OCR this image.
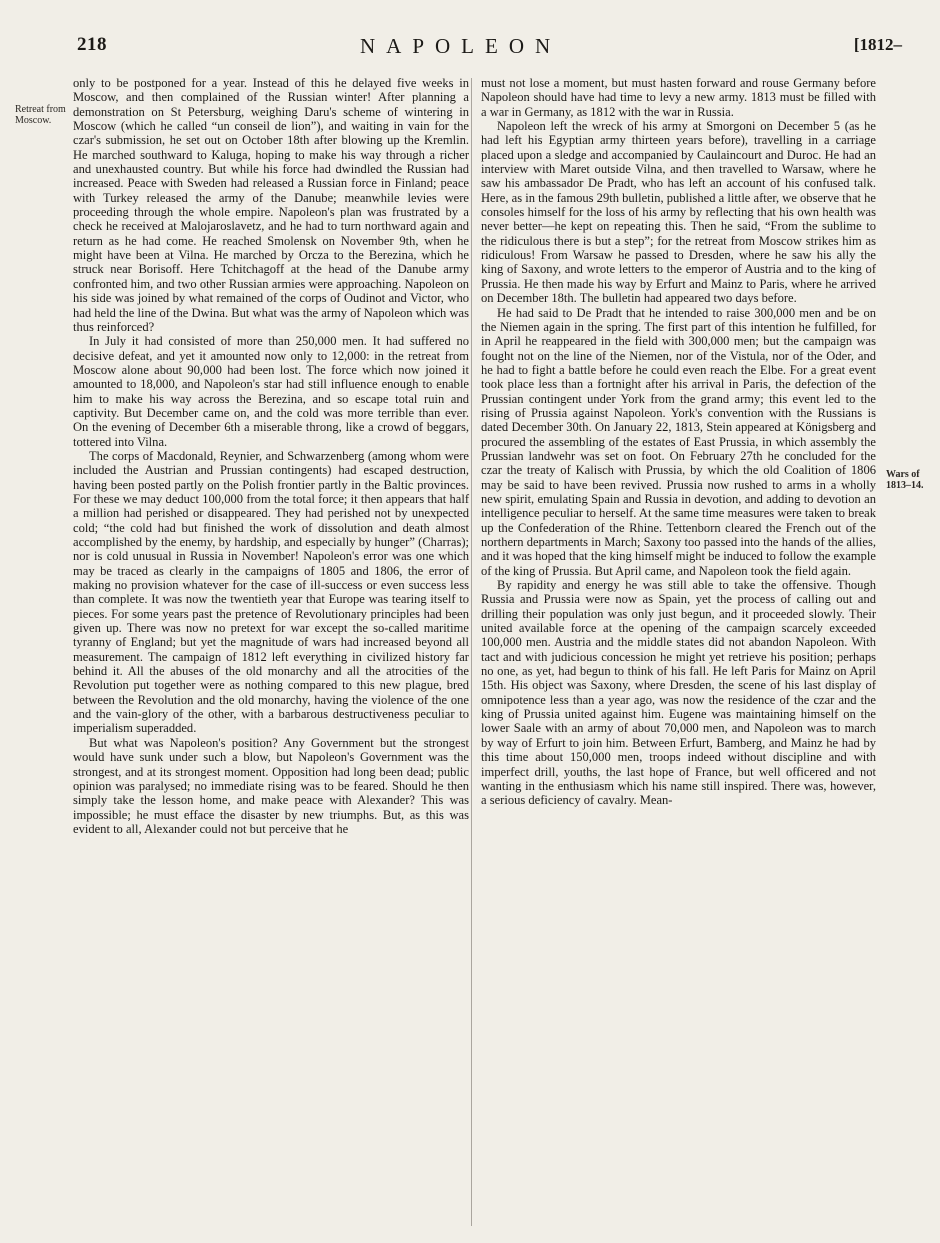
218	NAPOLEON	[1812–
Retreat from Moscow.
Wars of 1813–14.

only to be postponed for a year. Instead of this he delayed five weeks in Moscow, and then complained of the Russian winter! After planning a demonstration on St Petersburg, weighing Daru's scheme of wintering in Moscow (which he called “un conseil de lion”), and waiting in vain for the czar's submission, he set out on October 18th after blowing up the Kremlin. He marched southward to Kaluga, hoping to make his way through a richer and unexhausted country. But while his force had dwindled the Russian had increased. Peace with Sweden had released a Russian force in Finland; peace with Turkey released the army of the Danube; meanwhile levies were proceeding through the whole empire. Napoleon's plan was frustrated by a check he received at Malojaroslavetz, and he had to turn northward again and return as he had come. He reached Smolensk on November 9th, when he might have been at Vilna. He marched by Orcza to the Berezina, which he struck near Borisoff. Here Tchitchagoff at the head of the Danube army confronted him, and two other Russian armies were approaching. Napoleon on his side was joined by what remained of the corps of Oudinot and Victor, who had held the line of the Dwina. But what was the army of Napoleon which was thus reinforced?

In July it had consisted of more than 250,000 men. It had suffered no decisive defeat, and yet it amounted now only to 12,000: in the retreat from Moscow alone about 90,000 had been lost. The force which now joined it amounted to 18,000, and Napoleon's star had still influence enough to enable him to make his way across the Berezina, and so escape total ruin and captivity. But December came on, and the cold was more terrible than ever. On the evening of December 6th a miserable throng, like a crowd of beggars, tottered into Vilna.

The corps of Macdonald, Reynier, and Schwarzenberg (among whom were included the Austrian and Prussian contingents) had escaped destruction, having been posted partly on the Polish frontier partly in the Baltic provinces. For these we may deduct 100,000 from the total force; it then appears that half a million had perished or disappeared. They had perished not by unexpected cold; “the cold had but finished the work of dissolution and death almost accomplished by the enemy, by hardship, and especially by hunger” (Charras); nor is cold unusual in Russia in November! Napoleon's error was one which may be traced as clearly in the campaigns of 1805 and 1806, the error of making no provision whatever for the case of ill-success or even success less than complete. It was now the twentieth year that Europe was tearing itself to pieces. For some years past the pretence of Revolutionary principles had been given up. There was now no pretext for war except the so-called maritime tyranny of England; but yet the magnitude of wars had increased beyond all measurement. The campaign of 1812 left everything in civilized history far behind it. All the abuses of the old monarchy and all the atrocities of the Revolution put together were as nothing compared to this new plague, bred between the Revolution and the old monarchy, having the violence of the one and the vain-glory of the other, with a barbarous destructiveness peculiar to imperialism superadded.

But what was Napoleon's position? Any Government but the strongest would have sunk under such a blow, but Napoleon's Government was the strongest, and at its strongest moment. Opposition had long been dead; public opinion was paralysed; no immediate rising was to be feared. Should he then simply take the lesson home, and make peace with Alexander? This was impossible; he must efface the disaster by new triumphs. But, as this was evident to all, Alexander could not but perceive that he

must not lose a moment, but must hasten forward and rouse Germany before Napoleon should have had time to levy a new army. 1813 must be filled with a war in Germany, as 1812 with the war in Russia.

Napoleon left the wreck of his army at Smorgoni on December 5 (as he had left his Egyptian army thirteen years before), travelling in a carriage placed upon a sledge and accompanied by Caulaincourt and Duroc. He had an interview with Maret outside Vilna, and then travelled to Warsaw, where he saw his ambassador De Pradt, who has left an account of his confused talk. Here, as in the famous 29th bulletin, published a little after, we observe that he consoles himself for the loss of his army by reflecting that his own health was never better—he kept on repeating this. Then he said, “From the sublime to the ridiculous there is but a step”; for the retreat from Moscow strikes him as ridiculous! From Warsaw he passed to Dresden, where he saw his ally the king of Saxony, and wrote letters to the emperor of Austria and to the king of Prussia. He then made his way by Erfurt and Mainz to Paris, where he arrived on December 18th. The bulletin had appeared two days before.

He had said to De Pradt that he intended to raise 300,000 men and be on the Niemen again in the spring. The first part of this intention he fulfilled, for in April he reappeared in the field with 300,000 men; but the campaign was fought not on the line of the Niemen, nor of the Vistula, nor of the Oder, and he had to fight a battle before he could even reach the Elbe. For a great event took place less than a fortnight after his arrival in Paris, the defection of the Prussian contingent under York from the grand army; this event led to the rising of Prussia against Napoleon. York's convention with the Russians is dated December 30th. On January 22, 1813, Stein appeared at Königsberg and procured the assembling of the estates of East Prussia, in which assembly the Prussian landwehr was set on foot. On February 27th he concluded for the czar the treaty of Kalisch with Prussia, by which the old Coalition of 1806 may be said to have been revived. Prussia now rushed to arms in a wholly new spirit, emulating Spain and Russia in devotion, and adding to devotion an intelligence peculiar to herself. At the same time measures were taken to break up the Confederation of the Rhine. Tettenborn cleared the French out of the northern departments in March; Saxony too passed into the hands of the allies, and it was hoped that the king himself might be induced to follow the example of the king of Prussia. But April came, and Napoleon took the field again.

By rapidity and energy he was still able to take the offensive. Though Russia and Prussia were now as Spain, yet the process of calling out and drilling their population was only just begun, and it proceeded slowly. Their united available force at the opening of the campaign scarcely exceeded 100,000 men. Austria and the middle states did not abandon Napoleon. With tact and with judicious concession he might yet retrieve his position; perhaps no one, as yet, had begun to think of his fall. He left Paris for Mainz on April 15th. His object was Saxony, where Dresden, the scene of his last display of omnipotence less than a year ago, was now the residence of the czar and the king of Prussia united against him. Eugene was maintaining himself on the lower Saale with an army of about 70,000 men, and Napoleon was to march by way of Erfurt to join him. Between Erfurt, Bamberg, and Mainz he had by this time about 150,000 men, troops indeed without discipline and with imperfect drill, youths, the last hope of France, but well officered and not wanting in the enthusiasm which his name still inspired. There was, however, a serious deficiency of cavalry. Mean-
